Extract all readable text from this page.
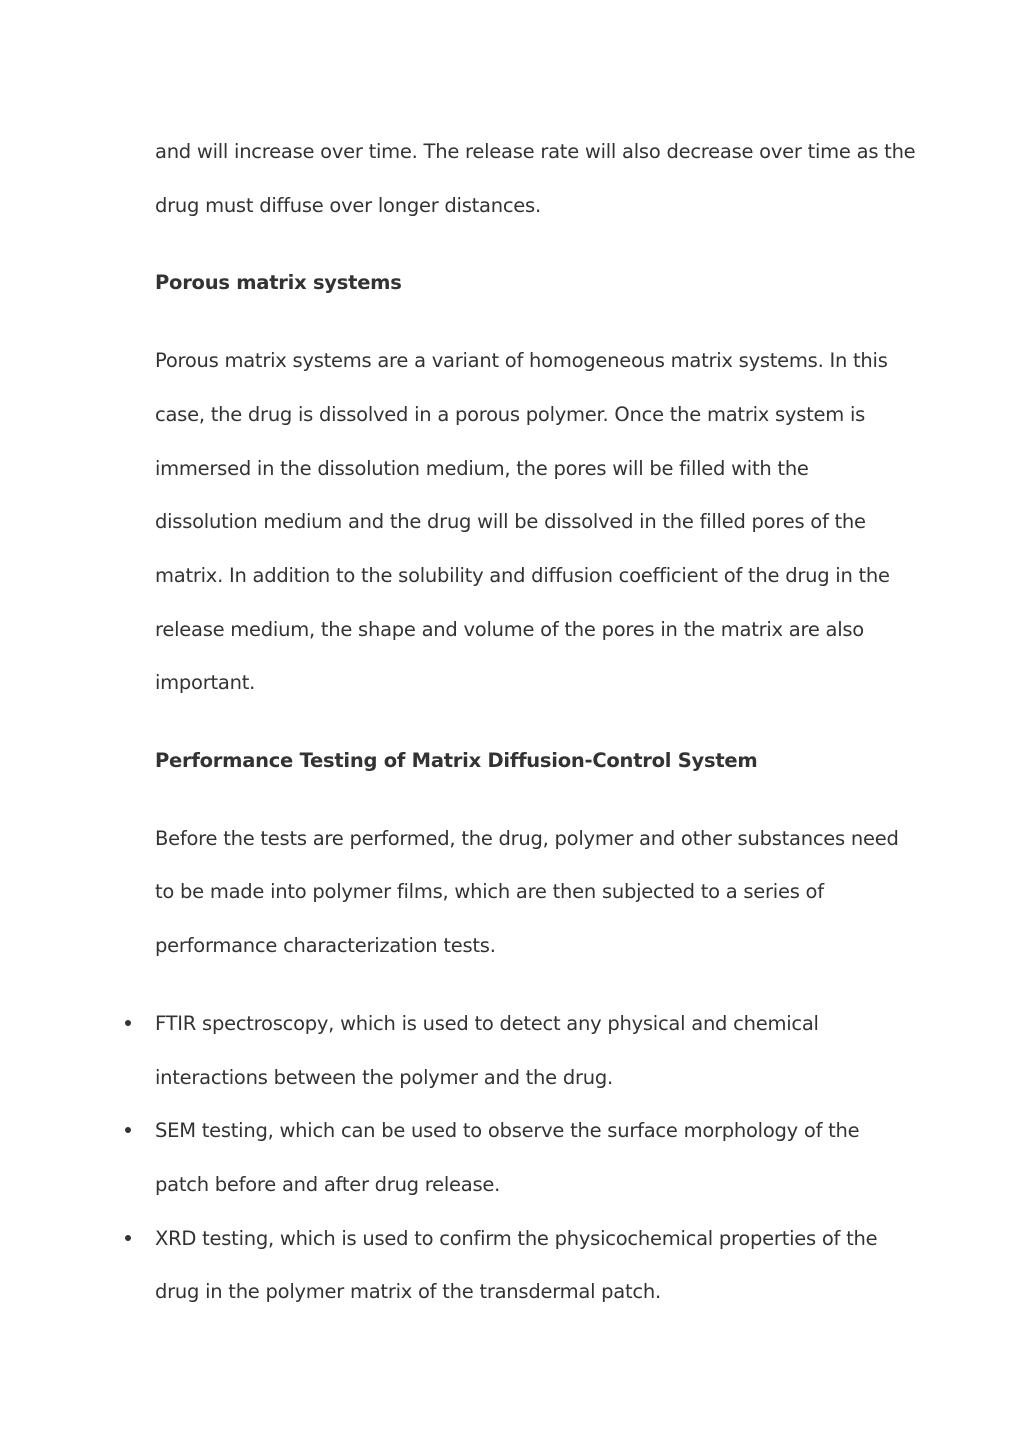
and will increase over time. The release rate will also decrease over time as the
drug must diffuse over longer distances.

Porous matrix systems

Porous matrix systems are a variant of homogeneous matrix systems. In this
case, the drug is dissolved in a porous polymer. Once the matrix system is
immersed in the dissolution medium, the pores will be filled with the
dissolution medium and the drug will be dissolved in the filled pores of the
matrix. In addition to the solubility and diffusion coefficient of the drug in the
release medium, the shape and volume of the pores in the matrix are also
important.

Performance Testing of Matrix Diffusion-Control System

Before the tests are performed, the drug, polymer and other substances need
to be made into polymer films, which are then subjected to a series of
performance characterization tests.

FTIR spectroscopy, which is used to detect any physical and chemical
interactions between the polymer and the drug.
SEM testing, which can be used to observe the surface morphology of the
patch before and after drug release.
XRD testing, which is used to confirm the physicochemical properties of the
drug in the polymer matrix of the transdermal patch.
